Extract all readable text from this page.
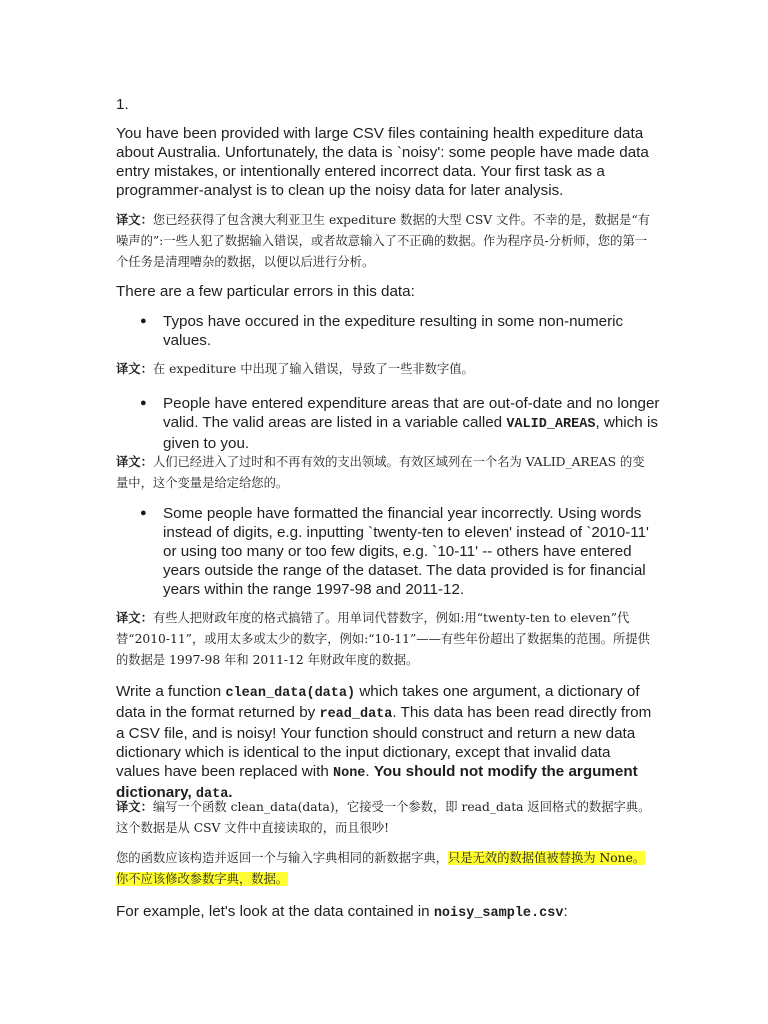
1.

You have been provided with large CSV files containing health expediture data about Australia. Unfortunately, the data is `noisy': some people have made data entry mistakes, or intentionally entered incorrect data. Your first task as a programmer-analyst is to clean up the noisy data for later analysis.

译文：您已经获得了包含澳大利亚卫生 expediture 数据的大型 CSV 文件。不幸的是，数据是“有噪声的”:一些人犯了数据输入错误，或者故意输入了不正确的数据。作为程序员-分析师，您的第一个任务是清理嘈杂的数据，以便以后进行分析。

There are a few particular errors in this data:

● Typos have occured in the expediture resulting in some non-numeric values.

译文：在 expediture 中出现了输入错误，导致了一些非数字值。

● People have entered expenditure areas that are out-of-date and no longer valid. The valid areas are listed in a variable called VALID_AREAS, which is given to you.

译文：人们已经进入了过时和不再有效的支出领域。有效区域列在一个名为 VALID_AREAS 的变量中，这个变量是给定给您的。

● Some people have formatted the financial year incorrectly. Using words instead of digits, e.g. inputting `twenty-ten to eleven' instead of `2010-11' or using too many or too few digits, e.g. `10-11' -- others have entered years outside the range of the dataset. The data provided is for financial years within the range 1997-98 and 2011-12.

译文：有些人把财政年度的格式搞错了。用单词代替数字，例如:用“twenty-ten to eleven”代替“2010-11”，或用太多或太少的数字，例如:“10-11”——有些年份超出了数据集的范围。所提供的数据是 1997-98 年和 2011-12 年财政年度的数据。

Write a function clean_data(data) which takes one argument, a dictionary of data in the format returned by read_data. This data has been read directly from a CSV file, and is noisy! Your function should construct and return a new data dictionary which is identical to the input dictionary, except that invalid data values have been replaced with None. You should not modify the argument dictionary, data.

译文：编写一个函数 clean_data(data)，它接受一个参数，即 read_data 返回格式的数据字典。这个数据是从 CSV 文件中直接读取的，而且很吵!

您的函数应该构造并返回一个与输入字典相同的新数据字典，只是无效的数据值被替换为 None。你不应该修改参数字典，数据。

For example, let's look at the data contained in noisy_sample.csv:
